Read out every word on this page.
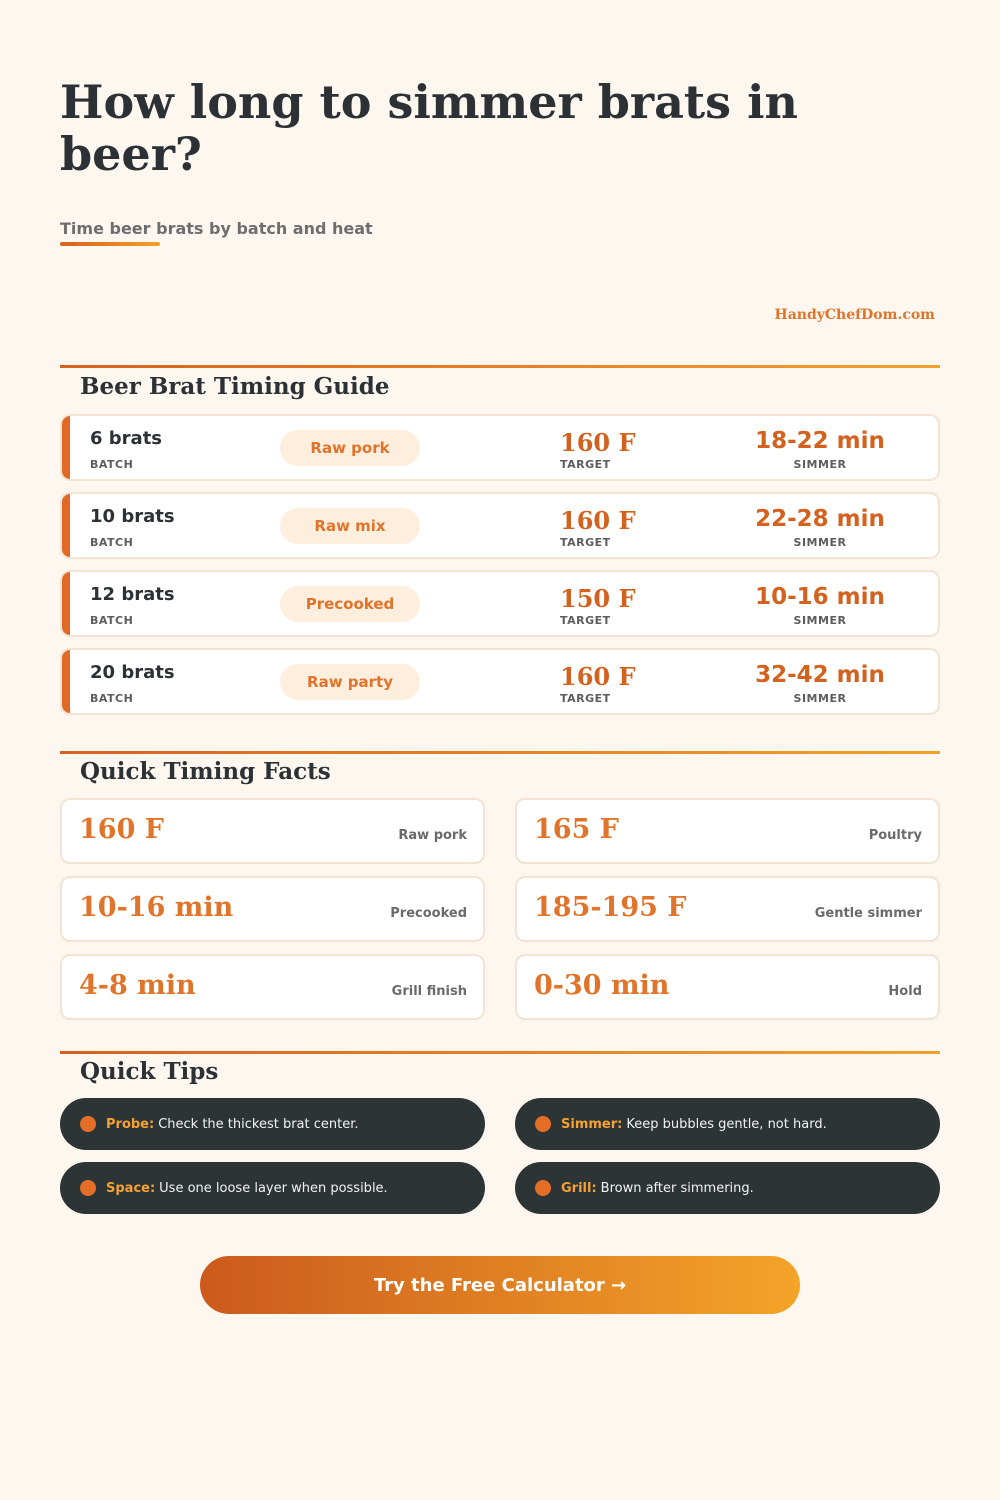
How long to simmer brats in beer?
Time beer brats by batch and heat
HandyChefDom.com
Beer Brat Timing Guide
6 brats
BATCH
Raw pork	160 F
TARGET
18-22 min
SIMMER
10 brats
BATCH
Raw mix	160 F
TARGET
22-28 min
SIMMER
12 brats
BATCH
Precooked	150 F
TARGET
10-16 min
SIMMER
20 brats
BATCH
Raw party	160 F
TARGET
32-42 min
SIMMER
Quick Timing Facts
160 F	Raw pork 165 F	Poultry
10-16 min	Precooked 185-195 F	Gentle simmer
4-8 min	Grill finish 0-30 min	Hold
Quick Tips
Probe: Check the thickest brat center.	Simmer: Keep bubbles gentle, not hard.
Space: Use one loose layer when possible.	Grill: Brown after simmering.
Try the Free Calculator →
